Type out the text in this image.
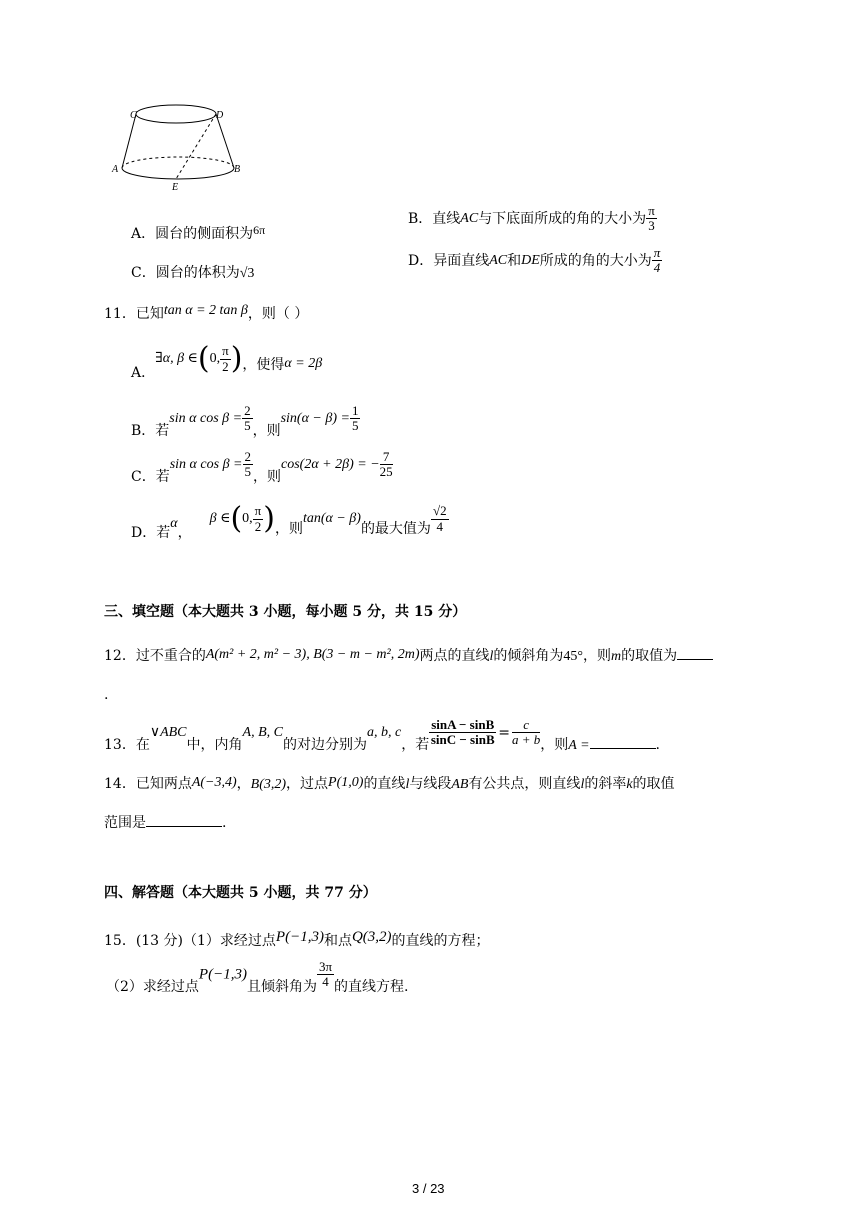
C	D
A	B
E
A．圆台的侧面积为6π
B．直线AC与下底面所成的角的大小为 $\frac{\pi}{3}$
C．圆台的体积为√3
D．异面直线AC和DE所成的角的大小为 $\frac{\pi}{4}$
11．已知tan α = 2 tan β，则（ ）
A．∃α, β ∈(0, $\frac{\pi}{2}$ )，使得α = 2β
B．若sin α $\cos \beta = \frac{2}{5}$ ，则$\sin(\alpha - \beta) = \frac{1}{5}$
C．若sin α $\cos \beta = \frac{2}{5}$ ，则cos(2α + 2β) = − $\frac{7}{25}$
D．若α，β ∈(0, $\frac{\pi}{2}$ )，则tan(α − β)的最大值为 $\frac{√2}{4}$
三、填空题（本大题共 3 小题，每小题 5 分，共 15 分）
12．过不重合的A(m² + 2, m² − 3), B(3 − m − m², 2m)两点的直线l的倾斜角为45°，则m的取值为
.
13．在∨ABC中，内角A, B, C的对边分别为a, b, c，若 $\frac{\sin A - \sin B}{\sin C - \sin B} = \frac{c}{a + b}$ ，则A =	.
14．已知两点A(−3,4)，B(3,2)，过点P(1,0)的直线l与线段AB有公共点，则直线l的斜率k的取值
范围是	.
四、解答题（本大题共 5 小题，共 77 分）
15．(13 分)（1）求经过点P(−1,3)和点Q(3,2)的直线的方程；
（2）求经过点P(−1,3)且倾斜角为 $\frac{3\pi}{4}$ 的直线方程.
3 / 23
